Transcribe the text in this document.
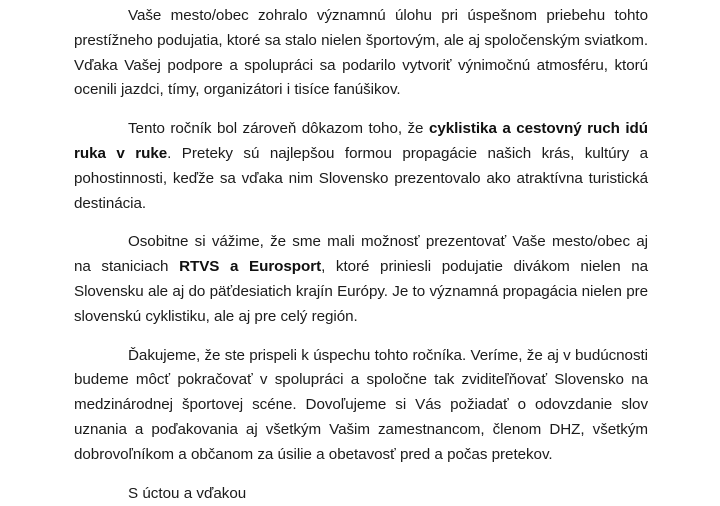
Vaše mesto/obec zohralo významnú úlohu pri úspešnom priebehu tohto prestížneho podujatia, ktoré sa stalo nielen športovým, ale aj spoločenským sviatkom. Vďaka Vašej podpore a spolupráci sa podarilo vytvoriť výnimočnú atmosféru, ktorú ocenili jazdci, tímy, organizátori i tisíce fanúšikov.

Tento ročník bol zároveň dôkazom toho, že cyklistika a cestovný ruch idú ruka v ruke. Preteky sú najlepšou formou propagácie našich krás, kultúry a pohostinnosti, keďže sa vďaka nim Slovensko prezentovalo ako atraktívna turistická destinácia.

Osobitne si vážime, že sme mali možnosť prezentovať Vaše mesto/obec aj na staniciach RTVS a Eurosport, ktoré priniesli podujatie divákom nielen na Slovensku ale aj do päťdesiatich krajín Európy. Je to významná propagácia nielen pre slovenskú cyklistiku, ale aj pre celý región.

Ďakujeme, že ste prispeli k úspechu tohto ročníka. Veríme, že aj v budúcnosti budeme môcť pokračovať v spolupráci a spoločne tak zviditeľňovať Slovensko na medzinárodnej športovej scéne. Dovoľujeme si Vás požiadať o odovzdanie slov uznania a poďakovania aj všetkým Vašim zamestnancom, členom DHZ, všetkým dobrovoľníkom a občanom za úsilie a obetavosť pred a počas pretekov.

S úctou a vďakou
